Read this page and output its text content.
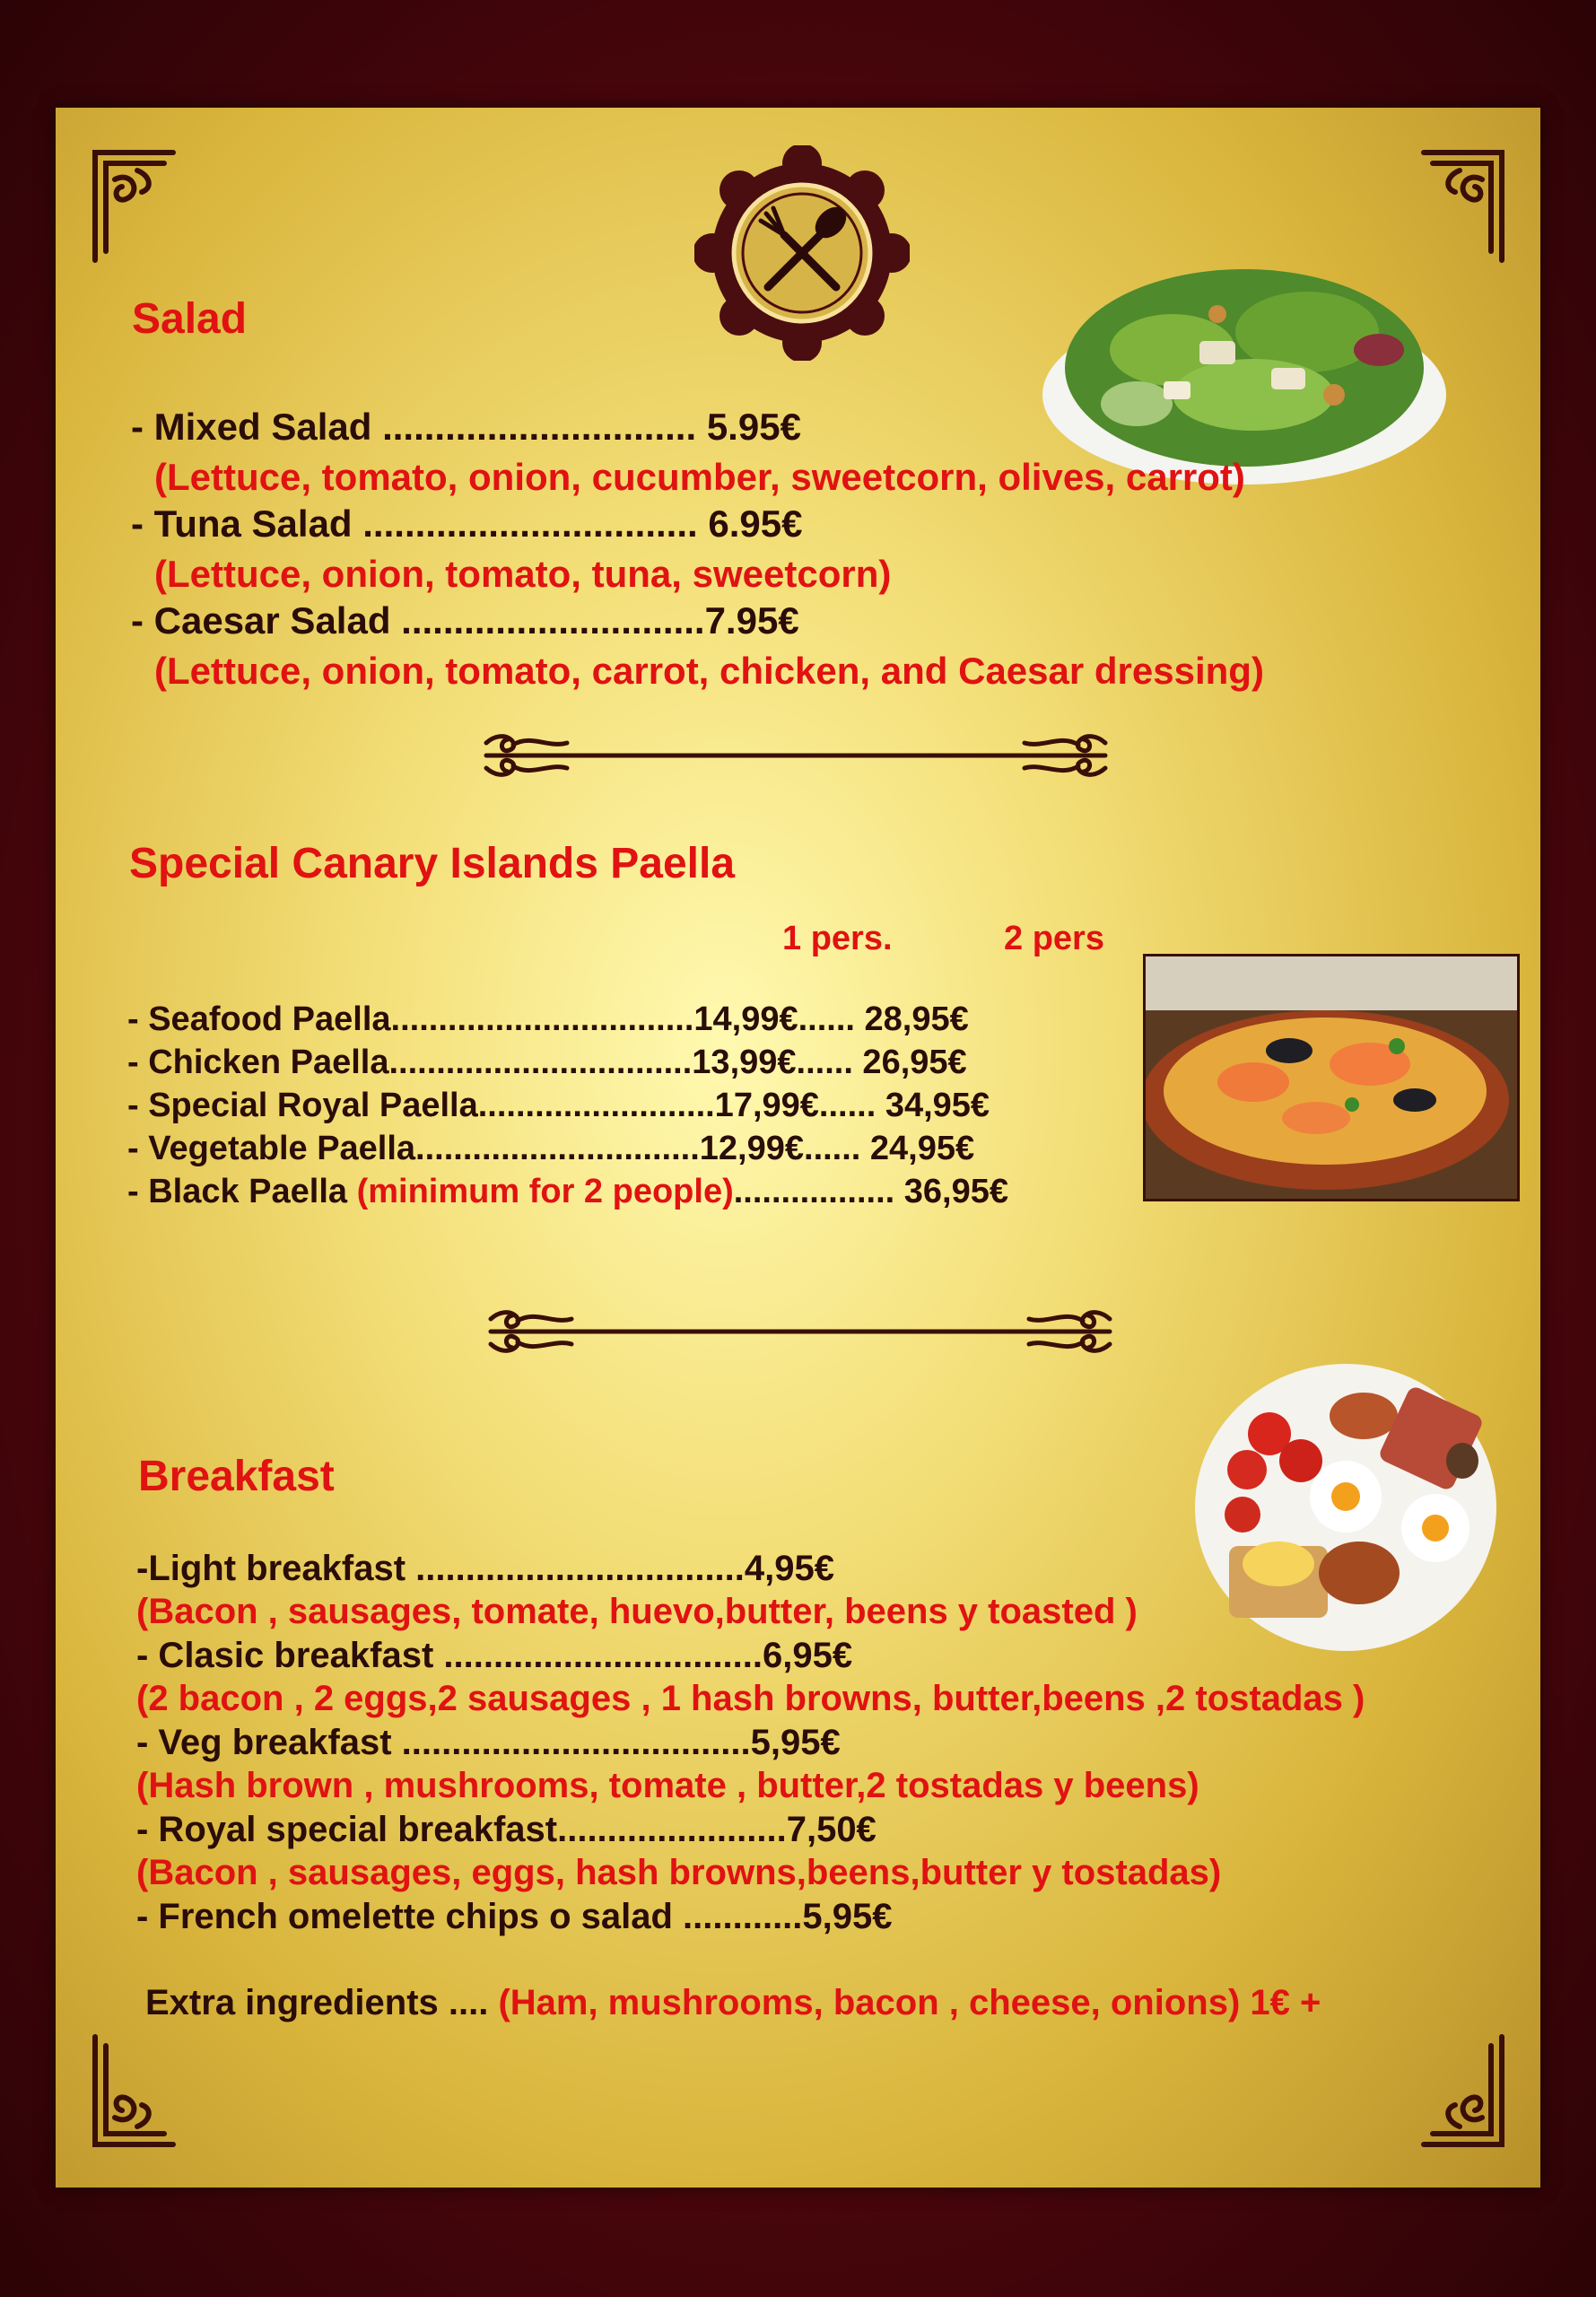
Salad
- Mixed Salad .............................. 5.95€
(Lettuce, tomato, onion, cucumber, sweetcorn, olives, carrot)
- Tuna Salad ................................ 6.95€
(Lettuce, onion, tomato, tuna, sweetcorn)
- Caesar Salad .............................7.95€
(Lettuce, onion, tomato, carrot, chicken, and Caesar dressing)
Special Canary Islands Paella
1 pers.	2 pers
- Seafood Paella................................14,99€...... 28,95€
- Chicken Paella................................13,99€...... 26,95€
- Special Royal Paella.........................17,99€...... 34,95€
- Vegetable Paella..............................12,99€...... 24,95€
- Black Paella (minimum for 2 people)................. 36,95€
Breakfast
-Light breakfast .................................4,95€
(Bacon , sausages, tomate, huevo,butter, beens y toasted )
- Clasic breakfast ................................6,95€
(2 bacon , 2 eggs,2 sausages , 1 hash browns, butter,beens ,2 tostadas )
- Veg breakfast ...................................5,95€
(Hash brown , mushrooms, tomate , butter,2 tostadas y beens)
- Royal special breakfast.......................7,50€
(Bacon , sausages, eggs, hash browns,beens,butter y tostadas)
- French omelette chips o salad ............5,95€
Extra ingredients .... (Ham, mushrooms, bacon , cheese, onions) 1€ +
